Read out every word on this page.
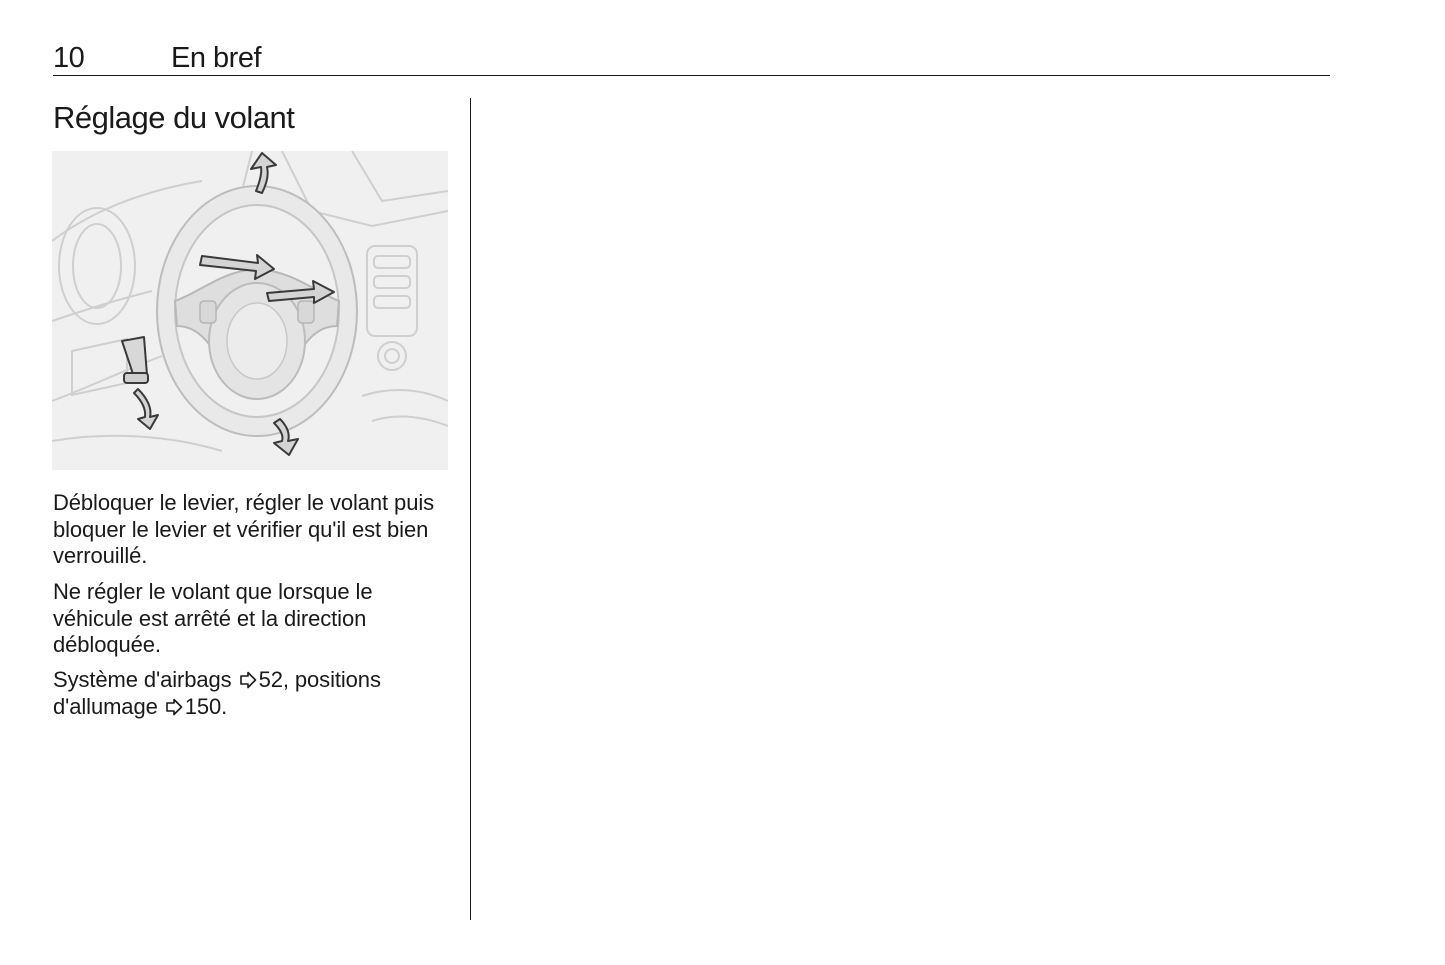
10	En bref
Réglage du volant

Débloquer le levier, régler le volant puis bloquer le levier et vérifier qu'il est bien verrouillé.

Ne régler le volant que lorsque le véhicule est arrêté et la direction débloquée.

Système d'airbags 52, positions d'allumage 150.
